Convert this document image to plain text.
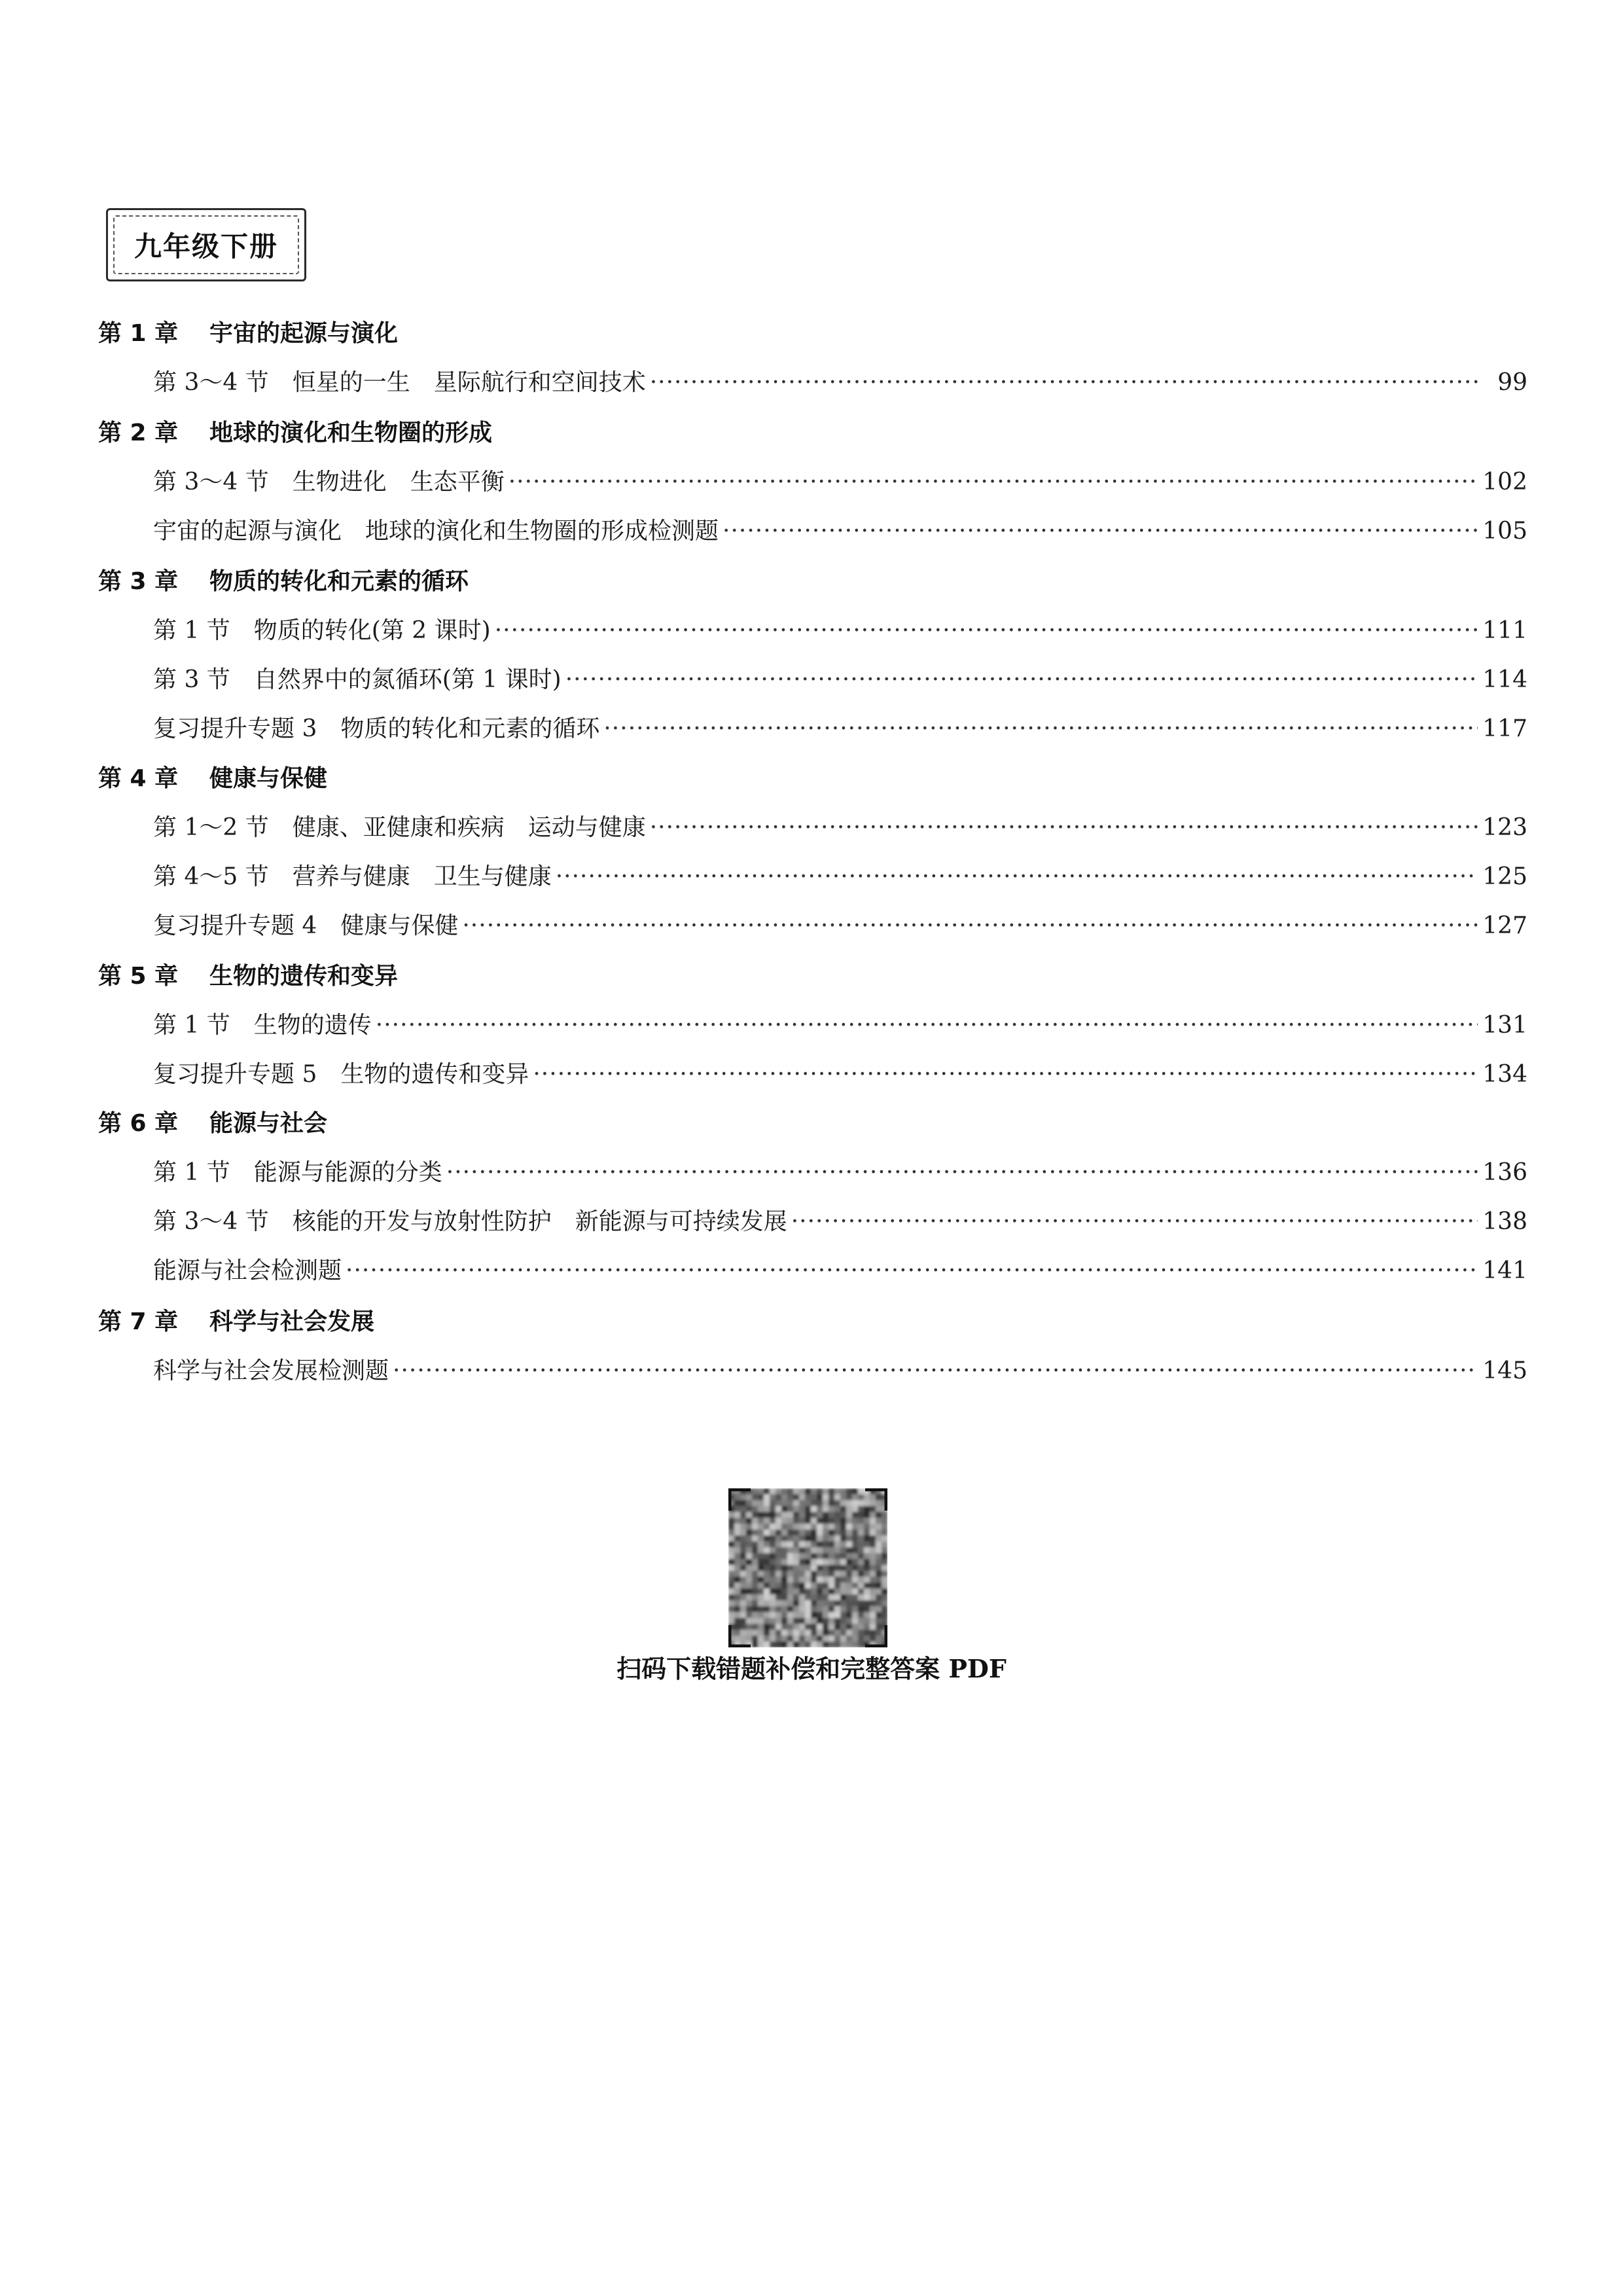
九年级下册
第 1 章 宇宙的起源与演化
第 3～4 节　恒星的一生　星际航行和空间技术 ·····	99
第 2 章 地球的演化和生物圈的形成
第 3～4 节　生物进化　生态平衡 ·····	102
宇宙的起源与演化　地球的演化和生物圈的形成检测题 ·····	105
第 3 章 物质的转化和元素的循环
第 1 节　物质的转化(第 2 课时) ·····	111
第 3 节　自然界中的氮循环(第 1 课时) ·····	114
复习提升专题 3　物质的转化和元素的循环 ·····	117
第 4 章 健康与保健
第 1～2 节　健康、亚健康和疾病　运动与健康 ·····	123
第 4～5 节　营养与健康　卫生与健康 ·····	125
复习提升专题 4　健康与保健 ·····	127
第 5 章 生物的遗传和变异
第 1 节　生物的遗传 ·····	131
复习提升专题 5　生物的遗传和变异 ·····	134
第 6 章 能源与社会
第 1 节　能源与能源的分类 ·····	136
第 3～4 节　核能的开发与放射性防护　新能源与可持续发展 ·····	138
能源与社会检测题 ·····	141
第 7 章 科学与社会发展
科学与社会发展检测题 ·····	145
扫码下载错题补偿和完整答案 PDF
